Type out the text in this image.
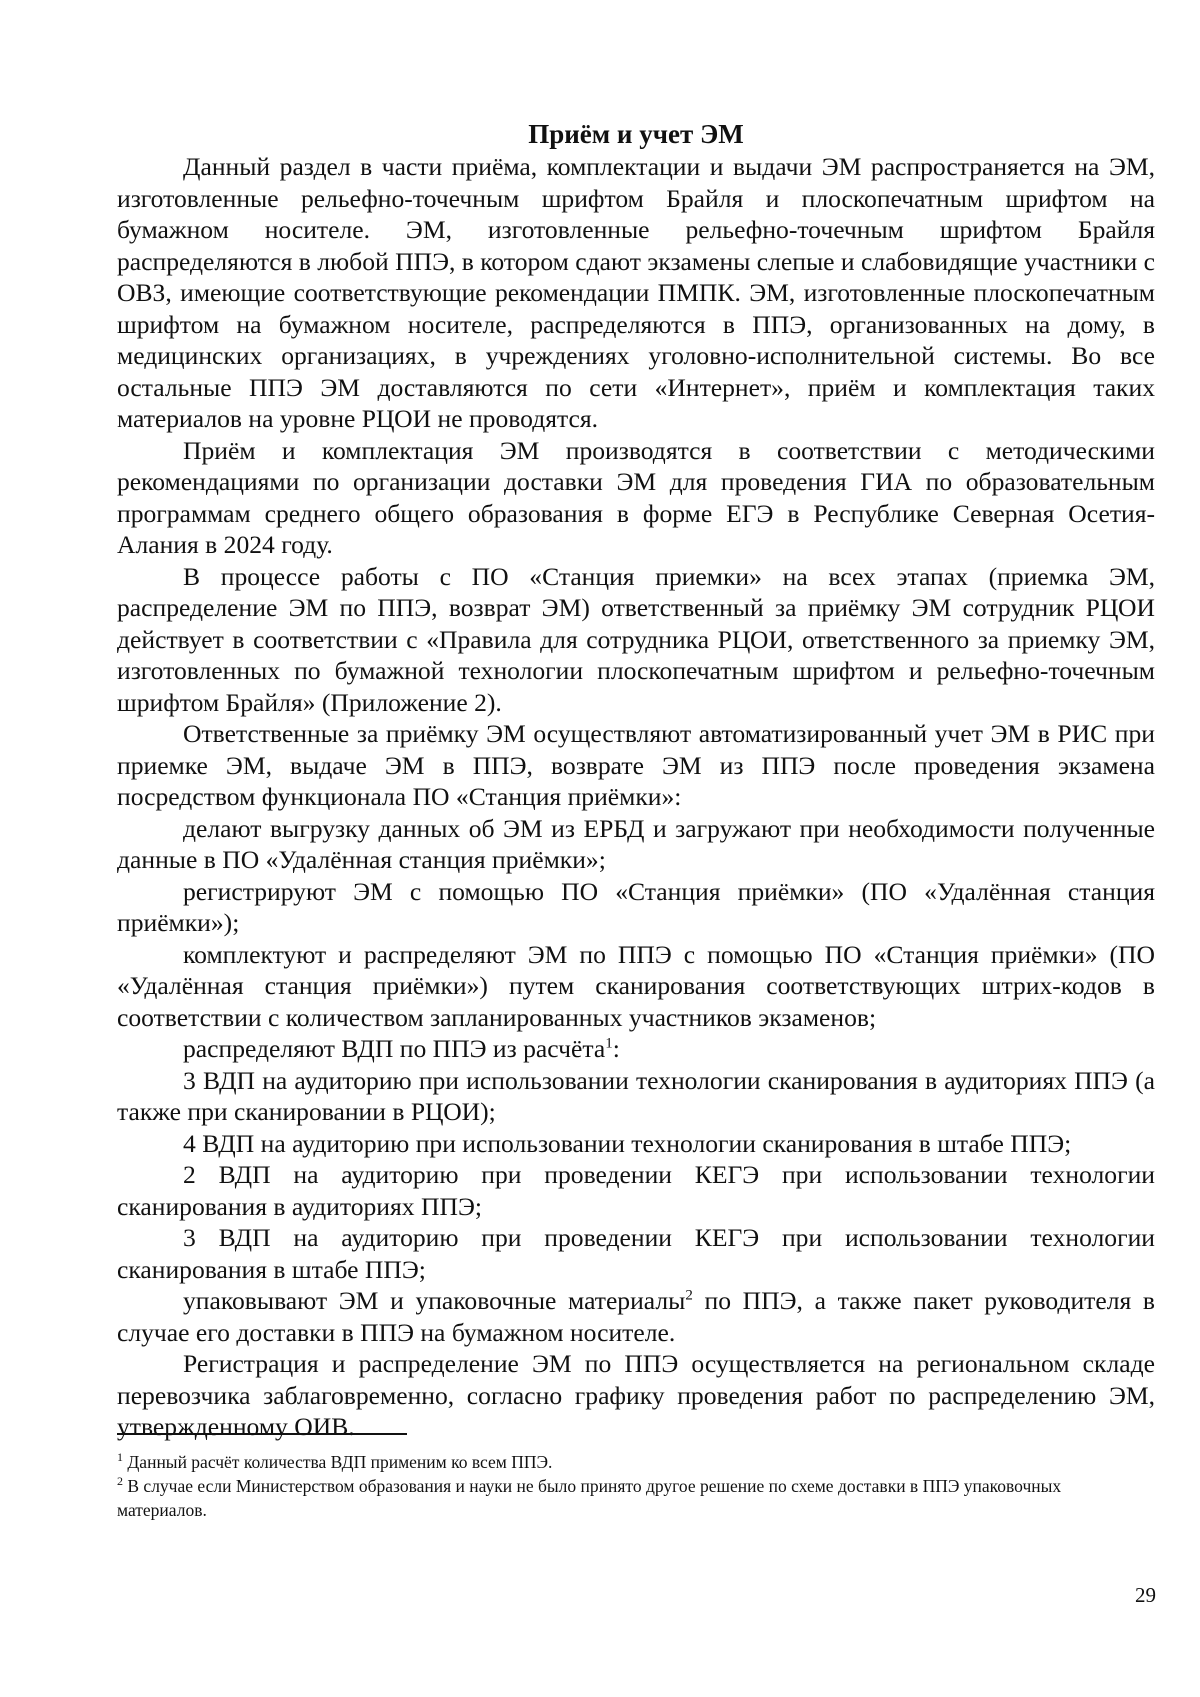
Приём и учет ЭМ

Данный раздел в части приёма, комплектации и выдачи ЭМ распространяется на ЭМ, изготовленные рельефно-точечным шрифтом Брайля и плоскопечатным шрифтом на бумажном носителе. ЭМ, изготовленные рельефно-точечным шрифтом Брайля распределяются в любой ППЭ, в котором сдают экзамены слепые и слабовидящие участники с ОВЗ, имеющие соответствующие рекомендации ПМПК. ЭМ, изготовленные плоскопечатным шрифтом на бумажном носителе, распределяются в ППЭ, организованных на дому, в медицинских организациях, в учреждениях уголовно-исполнительной системы. Во все остальные ППЭ ЭМ доставляются по сети «Интернет», приём и комплектация таких материалов на уровне РЦОИ не проводятся.

Приём и комплектация ЭМ производятся в соответствии с методическими рекомендациями по организации доставки ЭМ для проведения ГИА по образовательным программам среднего общего образования в форме ЕГЭ в Республике Северная Осетия-Алания в 2024 году.

В процессе работы с ПО «Станция приемки» на всех этапах (приемка ЭМ, распределение ЭМ по ППЭ, возврат ЭМ) ответственный за приёмку ЭМ сотрудник РЦОИ действует в соответствии с «Правила для сотрудника РЦОИ, ответственного за приемку ЭМ, изготовленных по бумажной технологии плоскопечатным шрифтом и рельефно-точечным шрифтом Брайля» (Приложение 2).

Ответственные за приёмку ЭМ осуществляют автоматизированный учет ЭМ в РИС при приемке ЭМ, выдаче ЭМ в ППЭ, возврате ЭМ из ППЭ после проведения экзамена посредством функционала ПО «Станция приёмки»:

делают выгрузку данных об ЭМ из ЕРБД и загружают при необходимости полученные данные в ПО «Удалённая станция приёмки»;

регистрируют ЭМ с помощью ПО «Станция приёмки» (ПО «Удалённая станция приёмки»);

комплектуют и распределяют ЭМ по ППЭ с помощью ПО «Станция приёмки» (ПО «Удалённая станция приёмки») путем сканирования соответствующих штрих-кодов в соответствии с количеством запланированных участников экзаменов;

распределяют ВДП по ППЭ из расчёта$^1$:

3 ВДП на аудиторию при использовании технологии сканирования в аудиториях ППЭ (а также при сканировании в РЦОИ);

4 ВДП на аудиторию при использовании технологии сканирования в штабе ППЭ;

2 ВДП на аудиторию при проведении КЕГЭ при использовании технологии сканирования в аудиториях ППЭ;

3 ВДП на аудиторию при проведении КЕГЭ при использовании технологии сканирования в штабе ППЭ;

упаковывают ЭМ и упаковочные материалы$^2$ по ППЭ, а также пакет руководителя в случае его доставки в ППЭ на бумажном носителе.

Регистрация и распределение ЭМ по ППЭ осуществляется на региональном складе перевозчика заблаговременно, согласно графику проведения работ по распределению ЭМ, утвержденному ОИВ.

$^1$ Данный расчёт количества ВДП применим ко всем ППЭ.

$^2$ В случае если Министерством образования и науки не было принято другое решение по схеме доставки в ППЭ упаковочных материалов.

29
